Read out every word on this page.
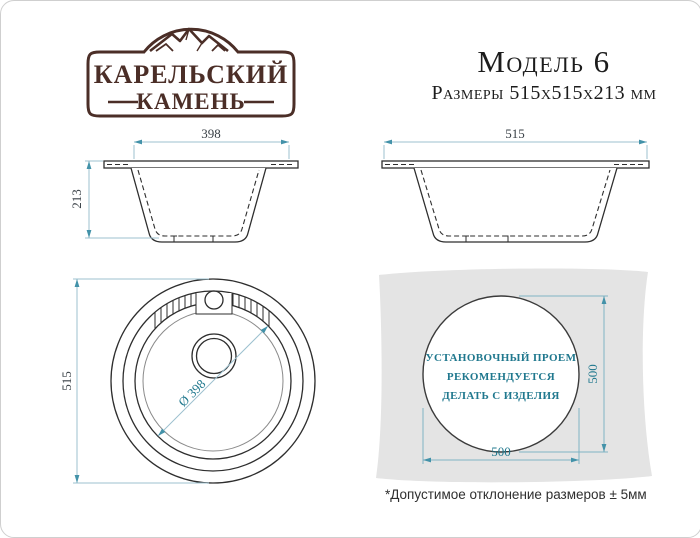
КАРЕЛЬСКИЙ
КАМЕНЬ
Модель 6
Размеры 515х515х213 мм
398
213
515
515	Ø 398
УСТАНОВОЧНЫЙ ПРОЕМ
РЕКОМЕНДУЕТСЯ
ДЕЛАТЬ С ИЗДЕЛИЯ
500
500
*Допустимое отклонение размеров ± 5мм
